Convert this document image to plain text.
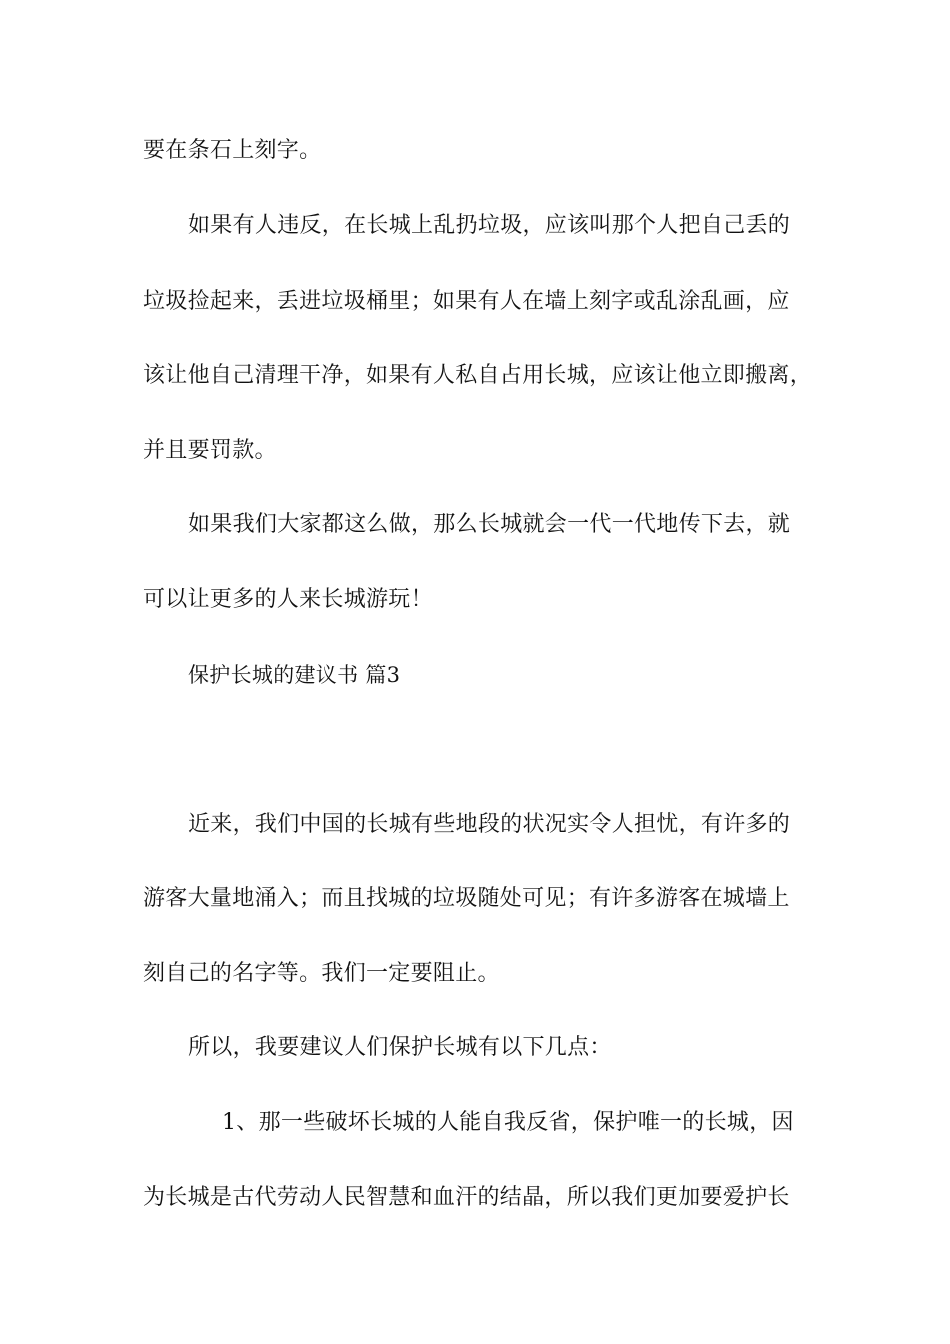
要在条石上刻字。

如果有人违反，在长城上乱扔垃圾，应该叫那个人把自己丢的

垃圾捡起来，丢进垃圾桶里；如果有人在墙上刻字或乱涂乱画，应

该让他自己清理干净，如果有人私自占用长城，应该让他立即搬离，

并且要罚款。

如果我们大家都这么做，那么长城就会一代一代地传下去，就

可以让更多的人来长城游玩！

保护长城的建议书 篇3

近来，我们中国的长城有些地段的状况实令人担忧，有许多的

游客大量地涌入；而且找城的垃圾随处可见；有许多游客在城墙上

刻自己的名字等。我们一定要阻止。

所以，我要建议人们保护长城有以下几点：

1、那一些破坏长城的人能自我反省，保护唯一的长城，因

为长城是古代劳动人民智慧和血汗的结晶，所以我们更加要爱护长
